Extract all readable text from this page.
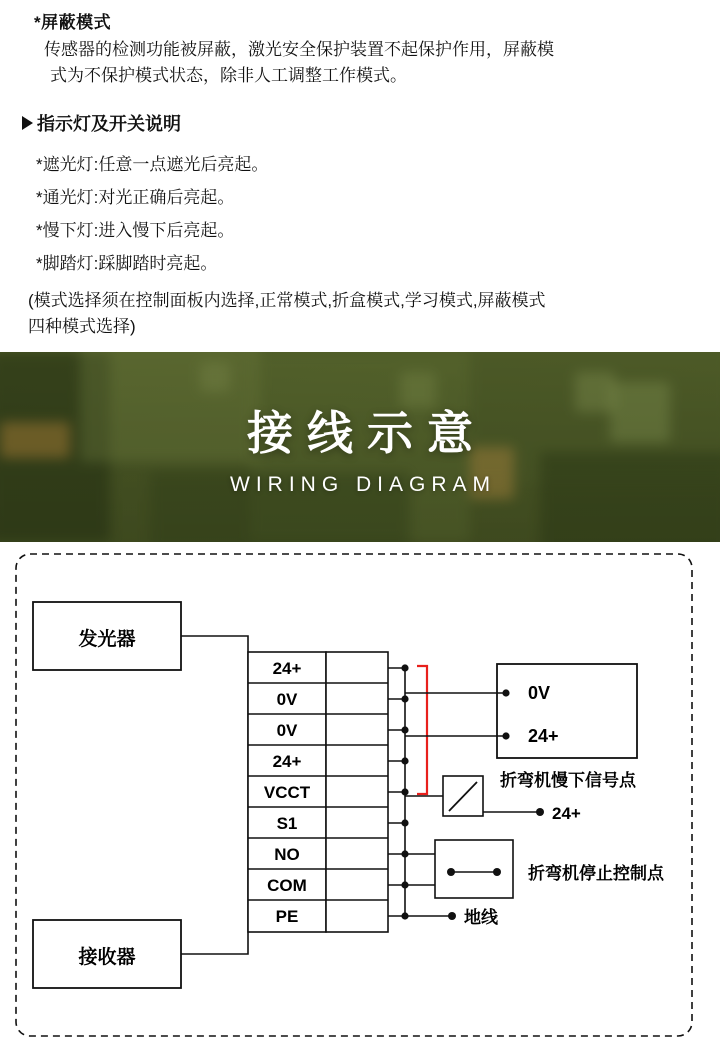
*屏蔽模式
传感器的检测功能被屏蔽，激光安全保护装置不起保护作用，屏蔽模
式为不保护模式状态，除非人工调整工作模式。
指示灯及开关说明
*遮光灯:任意一点遮光后亮起。
*通光灯:对光正确后亮起。
*慢下灯:进入慢下后亮起。
*脚踏灯:踩脚踏时亮起。
(模式选择须在控制面板内选择,正常模式,折盒模式,学习模式,屏蔽模式
四种模式选择)
接线示意
WIRING DIAGRAM
发光器
接收器
24+
0V
0V
24+
VCCT
S1
NO
COM
PE
0V
24+
折弯机慢下信号点
24+
折弯机停止控制点
地线
